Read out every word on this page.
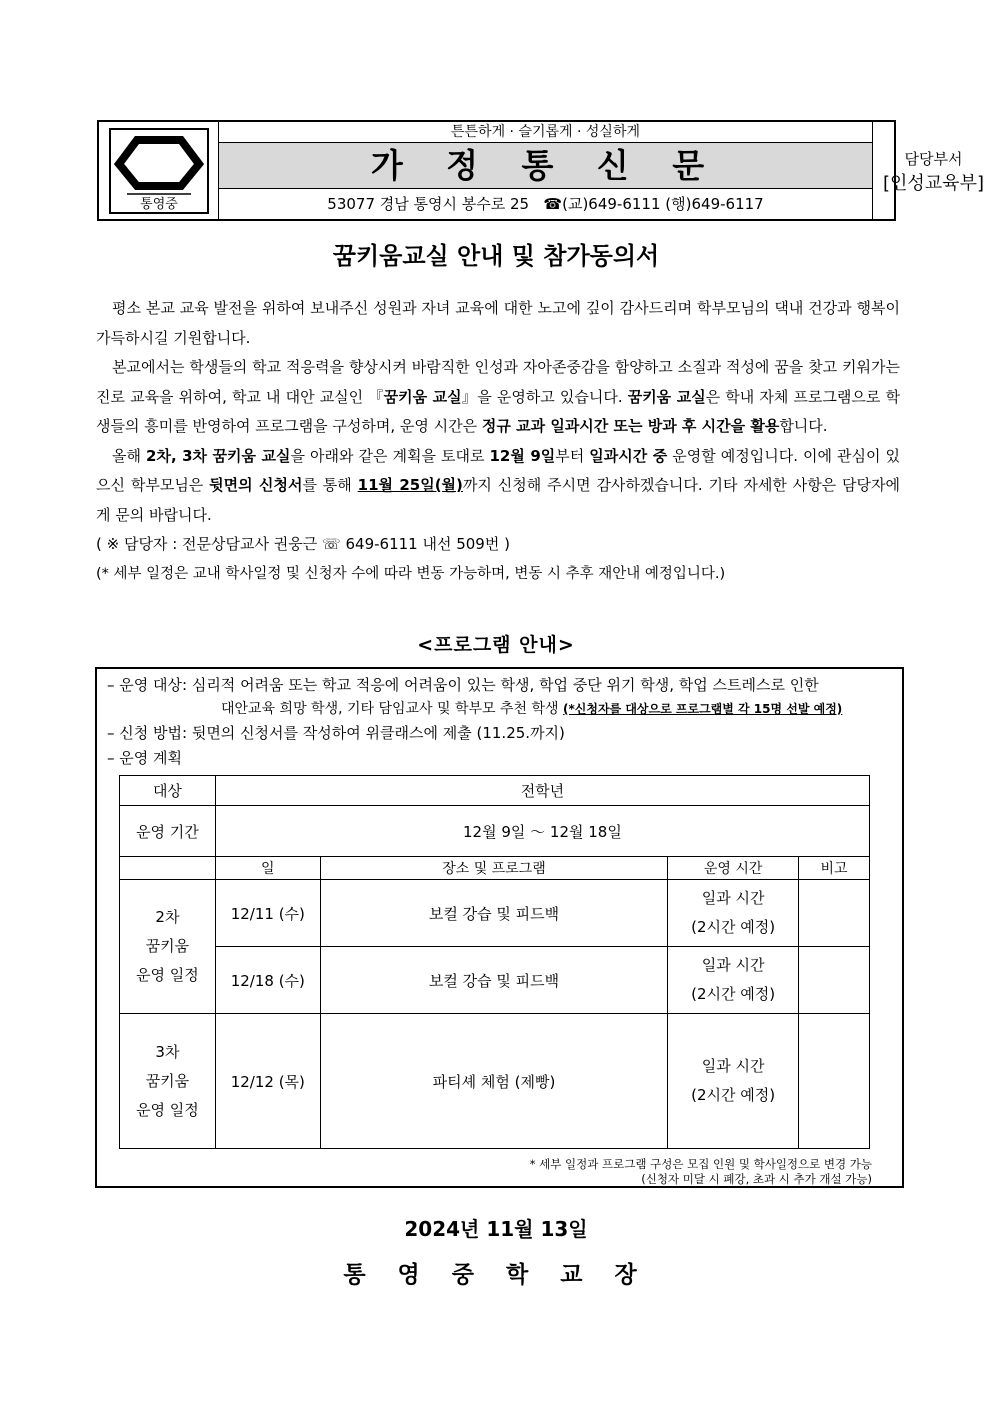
통영중
튼튼하게 · 슬기롭게 · 성실하게
가 정 통 신 문
53077 경남 통영시 봉수로 25 ☎(교)649-6111 (행)649-6117
담당부서
[인성교육부]
꿈키움교실 안내 및 참가동의서

평소 본교 교육 발전을 위하여 보내주신 성원과 자녀 교육에 대한 노고에 깊이 감사드리며 학부모님의 댁내 건강과 행복이 가득하시길 기원합니다.

본교에서는 학생들의 학교 적응력을 향상시켜 바람직한 인성과 자아존중감을 함양하고 소질과 적성에 꿈을 찾고 키워가는 진로 교육을 위하여, 학교 내 대안 교실인 『꿈키움 교실』을 운영하고 있습니다. 꿈키움 교실은 학내 자체 프로그램으로 학생들의 흥미를 반영하여 프로그램을 구성하며, 운영 시간은 정규 교과 일과시간 또는 방과 후 시간을 활용합니다.

올해 2차, 3차 꿈키움 교실을 아래와 같은 계획을 토대로 12월 9일부터 일과시간 중 운영할 예정입니다. 이에 관심이 있으신 학부모님은 뒷면의 신청서를 통해 11월 25일(월)까지 신청해 주시면 감사하겠습니다. 기타 자세한 사항은 담당자에게 문의 바랍니다.

( ※ 담당자 : 전문상담교사 권웅근 ☏ 649-6111 내선 509번 )

(* 세부 일정은 교내 학사일정 및 신청자 수에 따라 변동 가능하며, 변동 시 추후 재안내 예정입니다.)

<프로그램 안내>
– 운영 대상: 심리적 어려움 또는 학교 적응에 어려움이 있는 학생, 학업 중단 위기 학생, 학업 스트레스로 인한
대안교육 희망 학생, 기타 담임교사 및 학부모 추천 학생 (*신청자를 대상으로 프로그램별 각 15명 선발 예정)
– 신청 방법: 뒷면의 신청서를 작성하여 위클래스에 제출 (11.25.까지)
– 운영 계획
대상	전학년			
운영 기간	12월 9일 ～ 12월 18일			
	일	장소 및 프로그램	운영 시간	비고
2차
꿈키움
운영 일정	12/11 (수)	보컬 강습 및 피드백	일과 시간
(2시간 예정)	
	12/18 (수)	보컬 강습 및 피드백	일과 시간
(2시간 예정)	
3차
꿈키움
운영 일정	12/12 (목)	파티셰 체험 (제빵)	일과 시간
(2시간 예정)	
* 세부 일정과 프로그램 구성은 모집 인원 및 학사일정으로 변경 가능
(신청자 미달 시 폐강, 초과 시 추가 개설 가능)
2024년 11월 13일
통 영 중 학 교 장
